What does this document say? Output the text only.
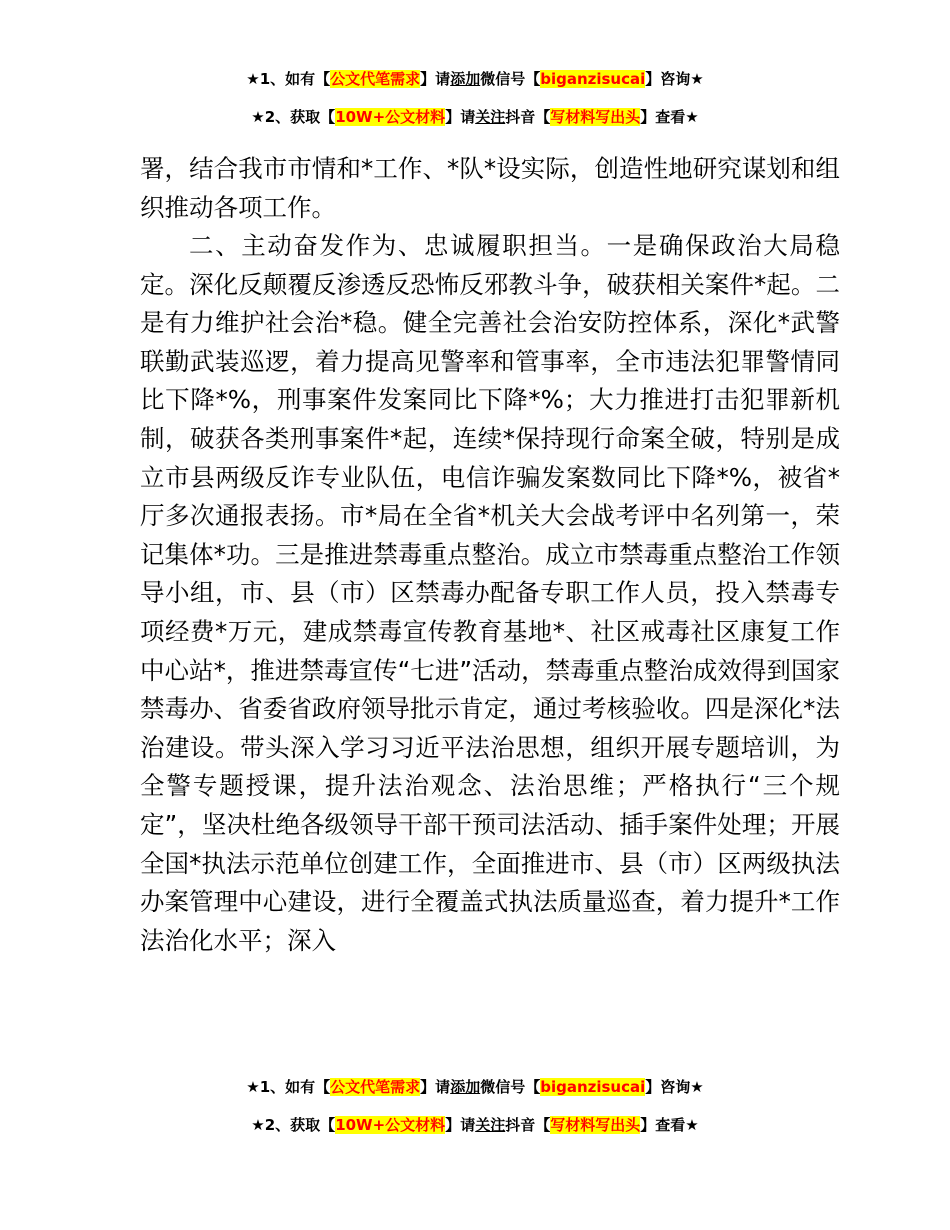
★1、如有【公文代笔需求】请添加微信号【biganzisucai】咨询★
★2、获取【10W+公文材料】请关注抖音【写材料写出头】查看★

署，结合我市市情和*工作、*队*设实际，创造性地研究谋划和组织推动各项工作。

二、主动奋发作为、忠诚履职担当。一是确保政治大局稳定。深化反颠覆反渗透反恐怖反邪教斗争，破获相关案件*起。二是有力维护社会治*稳。健全完善社会治安防控体系，深化*武警联勤武装巡逻，着力提高见警率和管事率，全市违法犯罪警情同比下降*%，刑事案件发案同比下降*%；大力推进打击犯罪新机制，破获各类刑事案件*起，连续*保持现行命案全破，特别是成立市县两级反诈专业队伍，电信诈骗发案数同比下降*%，被省*厅多次通报表扬。市*局在全省*机关大会战考评中名列第一，荣记集体*功。三是推进禁毒重点整治。成立市禁毒重点整治工作领导小组，市、县（市）区禁毒办配备专职工作人员，投入禁毒专项经费*万元，建成禁毒宣传教育基地*、社区戒毒社区康复工作中心站*，推进禁毒宣传“七进”活动，禁毒重点整治成效得到国家禁毒办、省委省政府领导批示肯定，通过考核验收。四是深化*法治建设。带头深入学习习近平法治思想，组织开展专题培训，为全警专题授课，提升法治观念、法治思维；严格执行“三个规定”，坚决杜绝各级领导干部干预司法活动、插手案件处理；开展全国*执法示范单位创建工作，全面推进市、县（市）区两级执法办案管理中心建设，进行全覆盖式执法质量巡查，着力提升*工作法治化水平；深入

★1、如有【公文代笔需求】请添加微信号【biganzisucai】咨询★
★2、获取【10W+公文材料】请关注抖音【写材料写出头】查看★
